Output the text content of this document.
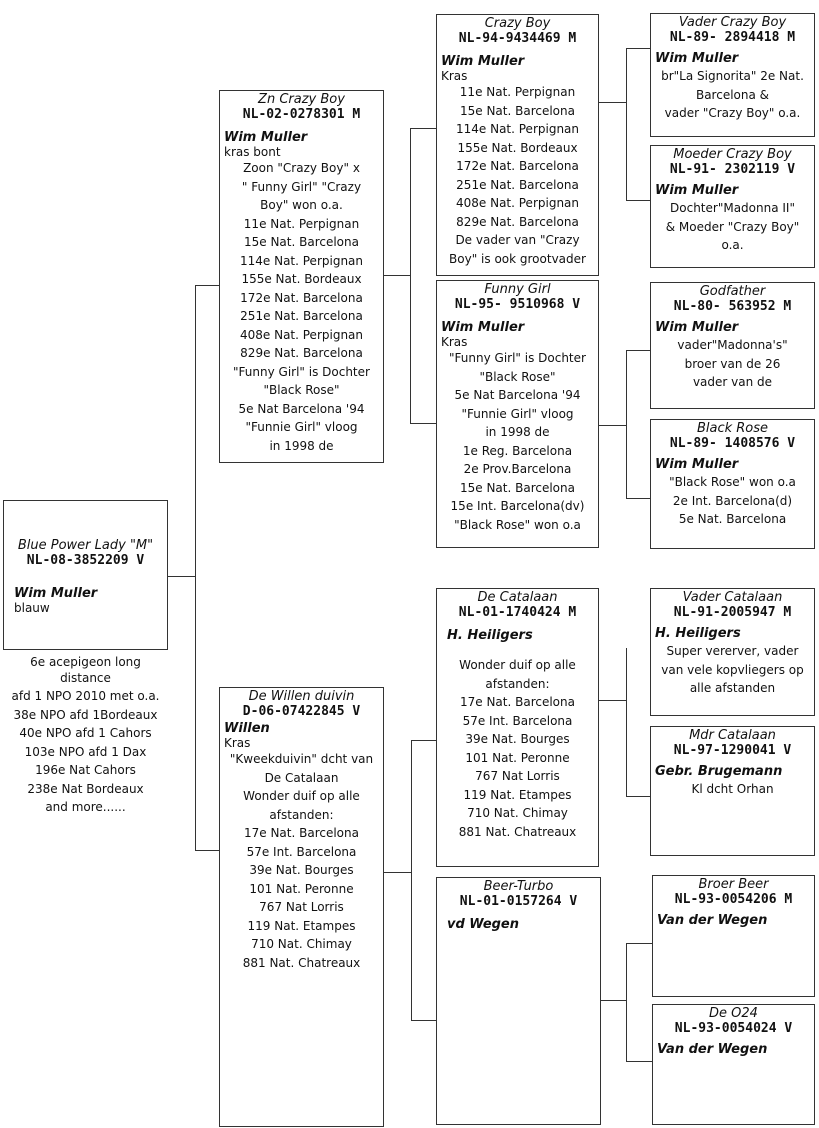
Blue Power Lady "M"
NL-08-3852209 V
Wim Muller
blauw
6e acepigeon long
distance
afd 1 NPO 2010 met o.a.
38e NPO afd 1Bordeaux
40e NPO afd 1 Cahors
103e NPO afd 1 Dax
196e Nat Cahors
238e Nat Bordeaux
and more......
Zn Crazy Boy
NL-02-0278301 M
Wim Muller
kras bont
Zoon "Crazy Boy" x
" Funny Girl" "Crazy
Boy" won o.a.
11e Nat. Perpignan
15e Nat. Barcelona
114e Nat. Perpignan
155e Nat. Bordeaux
172e Nat. Barcelona
251e Nat. Barcelona
408e Nat. Perpignan
829e Nat. Barcelona
"Funny Girl" is Dochter
"Black Rose"
5e Nat Barcelona '94
"Funnie Girl" vloog
in 1998 de
De Willen duivin
D-06-07422845 V
Willen
Kras
"Kweekduivin" dcht van
De Catalaan
Wonder duif op alle
afstanden:
17e Nat. Barcelona
57e Int. Barcelona
39e Nat. Bourges
101 Nat. Peronne
767 Nat Lorris
119 Nat. Etampes
710 Nat. Chimay
881 Nat. Chatreaux
Crazy Boy
NL-94-9434469 M
Wim Muller
Kras
11e Nat. Perpignan
15e Nat. Barcelona
114e Nat. Perpignan
155e Nat. Bordeaux
172e Nat. Barcelona
251e Nat. Barcelona
408e Nat. Perpignan
829e Nat. Barcelona
De vader van "Crazy
Boy" is ook grootvader
Funny Girl
NL-95- 9510968 V
Wim Muller
Kras
"Funny Girl" is Dochter
"Black Rose"
5e Nat Barcelona '94
"Funnie Girl" vloog
in 1998 de
1e Reg. Barcelona
2e Prov.Barcelona
15e Nat. Barcelona
15e Int. Barcelona(dv)
"Black Rose" won o.a
De Catalaan
NL-01-1740424 M
H. Heiligers
Wonder duif op alle
afstanden:
17e Nat. Barcelona
57e Int. Barcelona
39e Nat. Bourges
101 Nat. Peronne
767 Nat Lorris
119 Nat. Etampes
710 Nat. Chimay
881 Nat. Chatreaux
Beer-Turbo
NL-01-0157264 V
vd Wegen
Vader Crazy Boy
NL-89- 2894418 M
Wim Muller
br"La Signorita" 2e Nat.
Barcelona &
vader "Crazy Boy" o.a.
Moeder Crazy Boy
NL-91- 2302119 V
Wim Muller
Dochter"Madonna II"
& Moeder "Crazy Boy"
o.a.
Godfather
NL-80- 563952 M
Wim Muller
vader"Madonna's"
broer van de 26
vader van de
Black Rose
NL-89- 1408576 V
Wim Muller
"Black Rose" won o.a
2e Int. Barcelona(d)
5e Nat. Barcelona
Vader Catalaan
NL-91-2005947 M
H. Heiligers
Super vererver, vader
van vele kopvliegers op
alle afstanden
Mdr Catalaan
NL-97-1290041 V
Gebr. Brugemann
Kl dcht Orhan
Broer Beer
NL-93-0054206 M
Van der Wegen
De O24
NL-93-0054024 V
Van der Wegen
